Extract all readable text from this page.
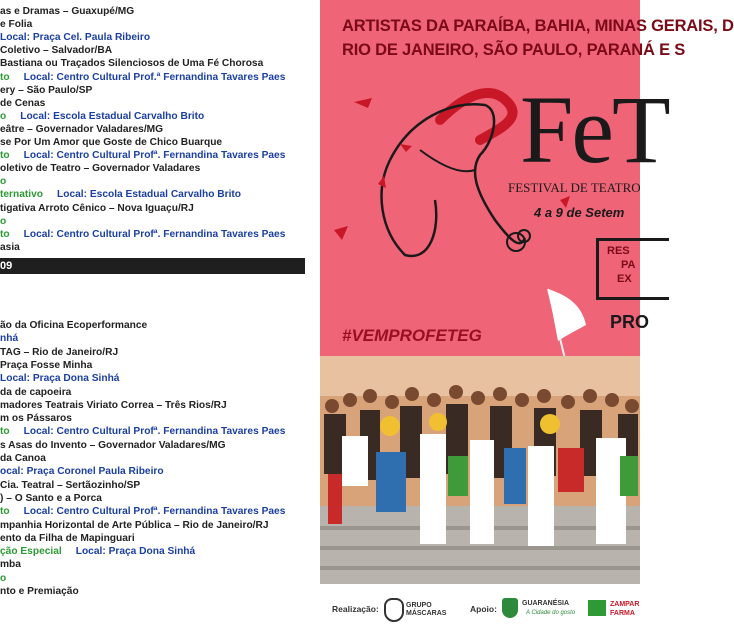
as e Dramas – Guaxupé/MG
e Folia
Local: Praça Cel. Paula Ribeiro
Coletivo – Salvador/BA
Bastiana ou Traçados Silenciosos de Uma Fé Chorosa
to Local: Centro Cultural Prof.ª Fernandina Tavares Paes
ery – São Paulo/SP
de Cenas
o Local: Escola Estadual Carvalho Brito
eâtre – Governador Valadares/MG
se Por Um Amor que Goste de Chico Buarque
to Local: Centro Cultural Profª. Fernandina Tavares Paes
oletivo de Teatro – Governador Valadares
o
ternativo Local: Escola Estadual Carvalho Brito
tigativa Arroto Cênico – Nova Iguaçu/RJ
o
to Local: Centro Cultural Profª. Fernandina Tavares Paes
asia
09
ão da Oficina Ecoperformance
nhá
TAG – Rio de Janeiro/RJ
Praça Fosse Minha
Local: Praça Dona Sinhá
da de capoeira
madores Teatrais Viriato Correa – Três Rios/RJ
m os Pássaros
to Local: Centro Cultural Profª. Fernandina Tavares Paes
s Asas do Invento – Governador Valadares/MG
da Canoa
ocal: Praça Coronel Paula Ribeiro
Cia. Teatral – Sertãozinho/SP
) – O Santo e a Porca
to Local: Centro Cultural Profª. Fernandina Tavares Paes
mpanhia Horizontal de Arte Pública – Rio de Janeiro/RJ
ento da Filha de Mapinguari
ção Especial Local: Praça Dona Sinhá
mba
o
nto e Premiação
ARTISTAS DA PARAÍBA, BAHIA, MINAS GERAIS, D
RIO DE JANEIRO, SÃO PAULO, PARANÁ E S
FeT
FESTIVAL DE TEATRO
4 a 9 de Setem
RES
PA
EX
#VEMPROFETEG
PRO
Realização:	GRUPO MÁSCARAS	Apoio:
GUARANÉSIA
A Cidade do gosto
ZAMPAR
FARMA
